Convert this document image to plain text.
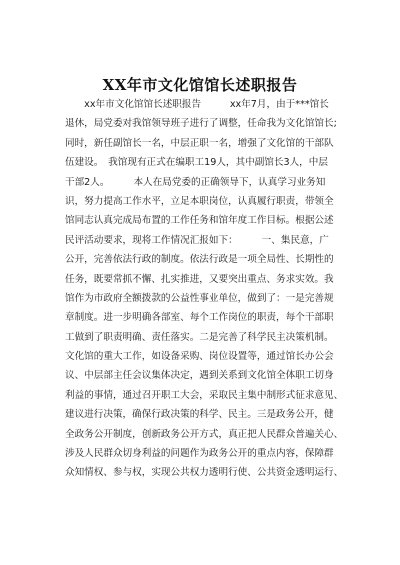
XX年市文化馆馆长述职报告
　　xx年市文化馆馆长述职报告　　　xx年7月，由于***馆长
退休，局党委对我馆领导班子进行了调整，任命我为文化馆馆长;
同时，新任副馆长一名，中层正职一名，增强了文化馆的干部队
伍建设。　我馆现有正式在编职工19人，其中副馆长3人，中层
干部2人。　　　本人在局党委的正确领导下，认真学习业务知
识，努力提高工作水平，立足本职岗位，认真履行职责，带领全
馆同志认真完成局布置的工作任务和馆年度工作目标。根据公述
民评活动要求，现将工作情况汇报如下：　　　一、集民意，广
公开，完善依法行政的制度。依法行政是一项全局性、长期性的
任务，既要常抓不懈、扎实推进，又要突出重点、务求实效。我
馆作为市政府全额拨款的公益性事业单位，做到了：一是完善规
章制度。进一步明确各部室、每个工作岗位的职责，每个干部职
工做到了职责明确、责任落实。二是完善了科学民主决策机制。
文化馆的重大工作，如设备采购、岗位设置等，通过馆长办公会
议、中层部主任会议集体决定，遇到关系到文化馆全体职工切身
利益的事情，通过召开职工大会，采取民主集中制形式征求意见、
建议进行决策，确保行政决策的科学、民主。三是政务公开，健
全政务公开制度，创新政务公开方式，真正把人民群众普遍关心、
涉及人民群众切身利益的问题作为政务公开的重点内容，保障群
众知情权、参与权，实现公共权力透明行使、公共资金透明运行、
